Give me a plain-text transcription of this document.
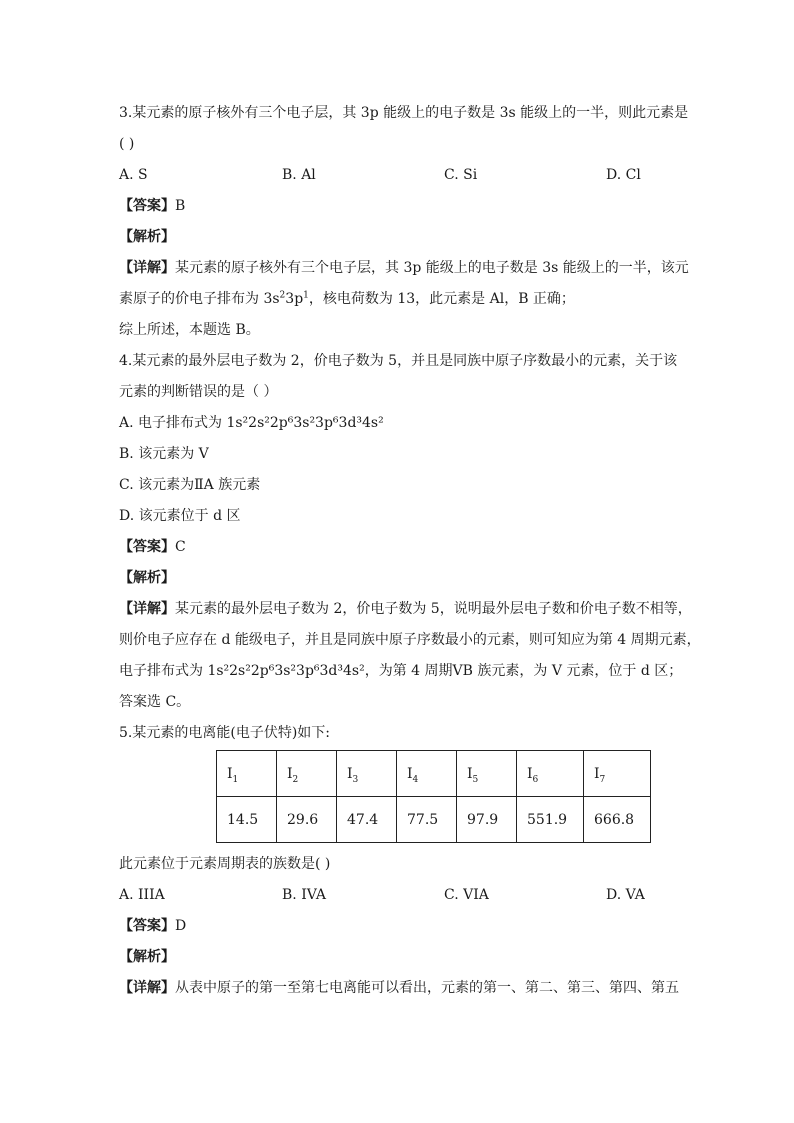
3.某元素的原子核外有三个电子层，其 3p 能级上的电子数是 3s 能级上的一半，则此元素是
( )
A. S	B. Al	C. Si	D. Cl
【答案】B
【解析】
【详解】某元素的原子核外有三个电子层，其 3p 能级上的电子数是 3s 能级上的一半，该元
素原子的价电子排布为 $3s^23p^1$，核电荷数为 13，此元素是 Al，B 正确；
综上所述，本题选 B。
4.某元素的最外层电子数为 2，价电子数为 5，并且是同族中原子序数最小的元素，关于该
元素的判断错误的是（ ）
A. 电子排布式为 1s²2s²2p⁶3s²3p⁶3d³4s²
B. 该元素为 V
C. 该元素为ⅡA 族元素
D. 该元素位于 d 区
【答案】C
【解析】
【详解】某元素的最外层电子数为 2，价电子数为 5，说明最外层电子数和价电子数不相等，
则价电子应存在 d 能级电子，并且是同族中原子序数最小的元素，则可知应为第 4 周期元素，
电子排布式为 1s²2s²2p⁶3s²3p⁶3d³4s²，为第 4 周期ⅤB 族元素，为 V 元素，位于 d 区；
答案选 C。
5.某元素的电离能(电子伏特)如下:
$I_1$	$I_2$	$I_3$	$I_4$	$I_5$	$I_6$	$I_7$
14.5	29.6	47.4	77.5	97.9	551.9	666.8
此元素位于元素周期表的族数是( )
A. IIIA	B. IVA	C. VIA	D. VA
【答案】D
【解析】
【详解】从表中原子的第一至第七电离能可以看出，元素的第一、第二、第三、第四、第五
